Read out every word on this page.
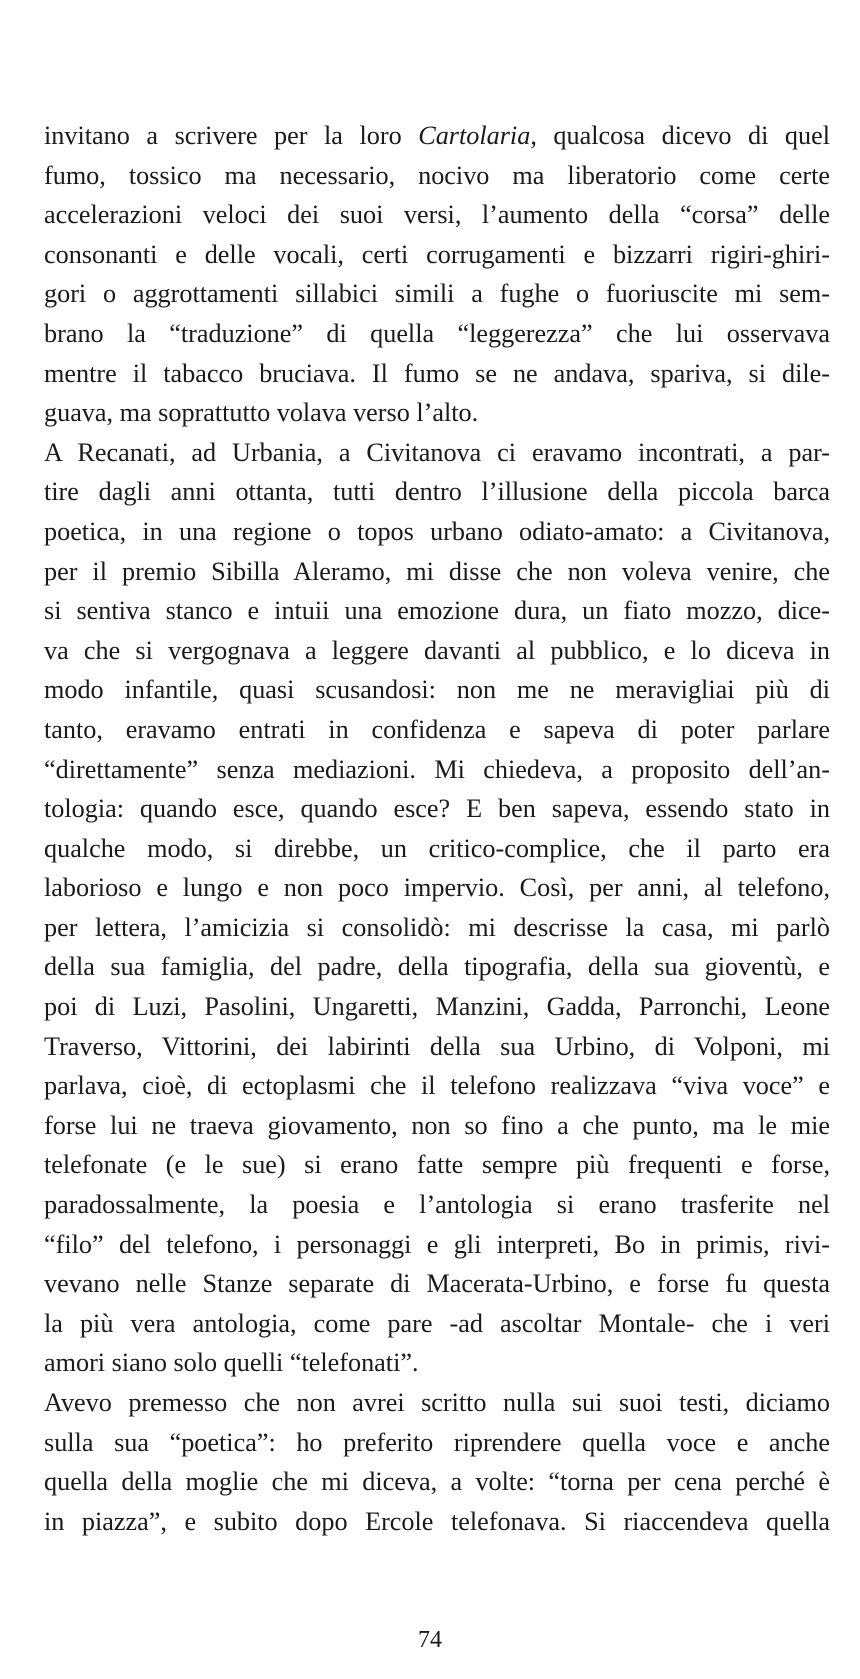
invitano a scrivere per la loro Cartolaria, qualcosa dicevo di quel
fumo, tossico ma necessario, nocivo ma liberatorio come certe
accelerazioni veloci dei suoi versi, l’aumento della “corsa” delle
consonanti e delle vocali, certi corrugamenti e bizzarri rigiri-ghiri-
gori o aggrottamenti sillabici simili a fughe o fuoriuscite mi sem-
brano la “traduzione” di quella “leggerezza” che lui osservava
mentre il tabacco bruciava. Il fumo se ne andava, spariva, si dile-
guava, ma soprattutto volava verso l’alto.
A Recanati, ad Urbania, a Civitanova ci eravamo incontrati, a par-
tire dagli anni ottanta, tutti dentro l’illusione della piccola barca
poetica, in una regione o topos urbano odiato-amato: a Civitanova,
per il premio Sibilla Aleramo, mi disse che non voleva venire, che
si sentiva stanco e intuii una emozione dura, un fiato mozzo, dice-
va che si vergognava a leggere davanti al pubblico, e lo diceva in
modo infantile, quasi scusandosi: non me ne meravigliai più di
tanto, eravamo entrati in confidenza e sapeva di poter parlare
“direttamente” senza mediazioni. Mi chiedeva, a proposito dell’an-
tologia: quando esce, quando esce? E ben sapeva, essendo stato in
qualche modo, si direbbe, un critico-complice, che il parto era
laborioso e lungo e non poco impervio. Così, per anni, al telefono,
per lettera, l’amicizia si consolidò: mi descrisse la casa, mi parlò
della sua famiglia, del padre, della tipografia, della sua gioventù, e
poi di Luzi, Pasolini, Ungaretti, Manzini, Gadda, Parronchi, Leone
Traverso, Vittorini, dei labirinti della sua Urbino, di Volponi, mi
parlava, cioè, di ectoplasmi che il telefono realizzava “viva voce” e
forse lui ne traeva giovamento, non so fino a che punto, ma le mie
telefonate (e le sue) si erano fatte sempre più frequenti e forse,
paradossalmente, la poesia e l’antologia si erano trasferite nel
“filo” del telefono, i personaggi e gli interpreti, Bo in primis, rivi-
vevano nelle Stanze separate di Macerata-Urbino, e forse fu questa
la più vera antologia, come pare -ad ascoltar Montale- che i veri
amori siano solo quelli “telefonati”.
Avevo premesso che non avrei scritto nulla sui suoi testi, diciamo
sulla sua “poetica”: ho preferito riprendere quella voce e anche
quella della moglie che mi diceva, a volte: “torna per cena perché è
in piazza”, e subito dopo Ercole telefonava. Si riaccendeva quella
74
